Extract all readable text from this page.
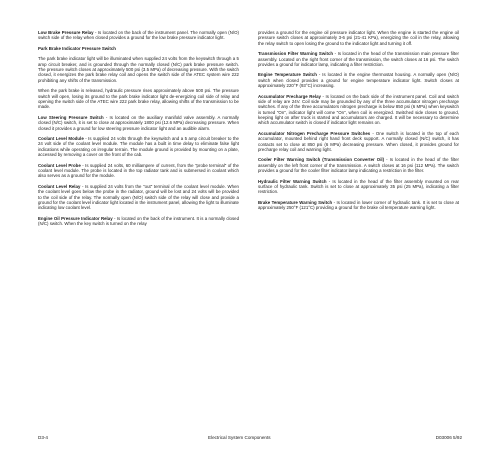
Low Brake Pressure Relay - Is located on the back of the instrument panel. The normally open (N/O) switch side of the relay when closed provides a ground for the low brake pressure indicator light.

Park Brake Indicator Pressure Switch

The park brake indicator light will be illuminated when supplied 24 volts from the keyswitch through a 5 amp circuit breaker, and is grounded through the normally closed (N/C) park brake pressure switch. The pressure switch closes at approximately 500 psi (3.5 MPa) of decreasing pressure. With the switch closed, it energizes the park brake relay coil and opens the switch side of the ATEC system wire 222 prohibiting any shifts of the transmission.

When the park brake is released, hydraulic pressure rises approximately above 500 psi. The pressure switch will open, losing its ground to the park brake indicator light de-energizing coil side of relay and opening the switch side of the ATEC wire 222 park brake relay, allowing shifts of the transmission to be made.

Low Steering Pressure Switch - Is located on the auxiliary manifold valve assembly. A normally closed (N/C) switch, it is set to close at approximately 1800 psi (12.6 MPa) decreasing pressure. When closed it provides a ground for low steering pressure indicator light and an audible alarm.

Coolant Level Module - Is supplied 24 volts through the keyswitch and a 5 amp circuit breaker to the 24 volt side of the coolant level module. The module has a built in time delay to eliminate false light indications while operating on irregular terrain. The module ground is provided by mounting on a plate, accessed by removing a cover on the front of the cab.

Coolant Level Probe - Is supplied 24 volts, 60 milliampere of current, from the "probe terminal" of the coolant level module. The probe is located in the top radiator tank and is submersed in coolant which also serves as a ground for the module.

Coolant Level Relay - Is supplied 24 volts from the "out" terminal of the coolant level module. When the coolant level goes below the probe in the radiator, ground will be lost and 24 volts will be provided to the coil side of the relay. The normally open (N/O) switch side of the relay will close and provide a ground for the coolant level indicator light located in the instrument panel, allowing the light to illuminate indicating low coolant level.

Engine Oil Pressure Indicator Relay - Is located on the back of the instrument. It is a normally closed (N/C) switch. When the key switch is turned on the relay

provides a ground for the engine oil pressure indicator light. When the engine is started the engine oil pressure switch closes at approximately 3-6 psi (21-41 KPa), energizing the coil in the relay, allowing the relay switch to open losing the ground to the indicator light and turning it off.

Transmission Filter Warning Switch - Is located in the head of the transmission main pressure filter assembly. Located on the right front corner of the transmission, the switch closes at 16 psi. The switch provides a ground for indicator lamp, indicating a filter restriction.

Engine Temperature Switch - Is located in the engine thermostat housing. A normally open (N/O) switch when closed provides a ground for engine temperature indicator light. Switch closes at approximately 220°F (93°C) increasing.

Accumulator Precharge Relay - Is located on the back side of the instrument panel. Coil and switch side of relay are 24V. Coil side may be grounded by any of the three accumulator nitrogen precharge switches. If any of the three accumulators nitrogen precharge is below 850 psi (6 MPa) when keyswitch is turned "On", indicator light will come "On", when coil is energized. Switched side closes to ground, keeping light on after truck is started and accumulators are charged. It will be necessary to determine which accumulator switch is closed if indicator light remains on.

Accumulator Nitrogen Precharge Pressure Switches - One switch is located in the top of each accumulator, mounted behind right hand front deck support. A normally closed (N/C) switch, it has contacts set to close at 850 psi (6 MPa) decreasing pressure. When closed, it provides ground for precharge relay coil and warning light.

Cooler Filter Warning Switch (Transmission Converter Oil) - Is located in the head of the filter assembly on the left front corner of the transmission. A switch closes at 16 psi (112 MPa). The switch provides a ground for the cooler filter indicator lamp indicating a restriction in the filter.

Hydraulic Filter Warning Switch - Is located in the head of the filter assembly mounted on rear surface of hydraulic tank. Switch is set to close at approximately 35 psi (25 MPa), indicating a filter restriction.

Brake Temperature Warning Switch - Is located in lower corner of hydraulic tank. It is set to close at approximately 250°F (121°C) providing a ground for the brake oil temperature warning light.

D3-4	Electrical System Components	D03006 5/92
